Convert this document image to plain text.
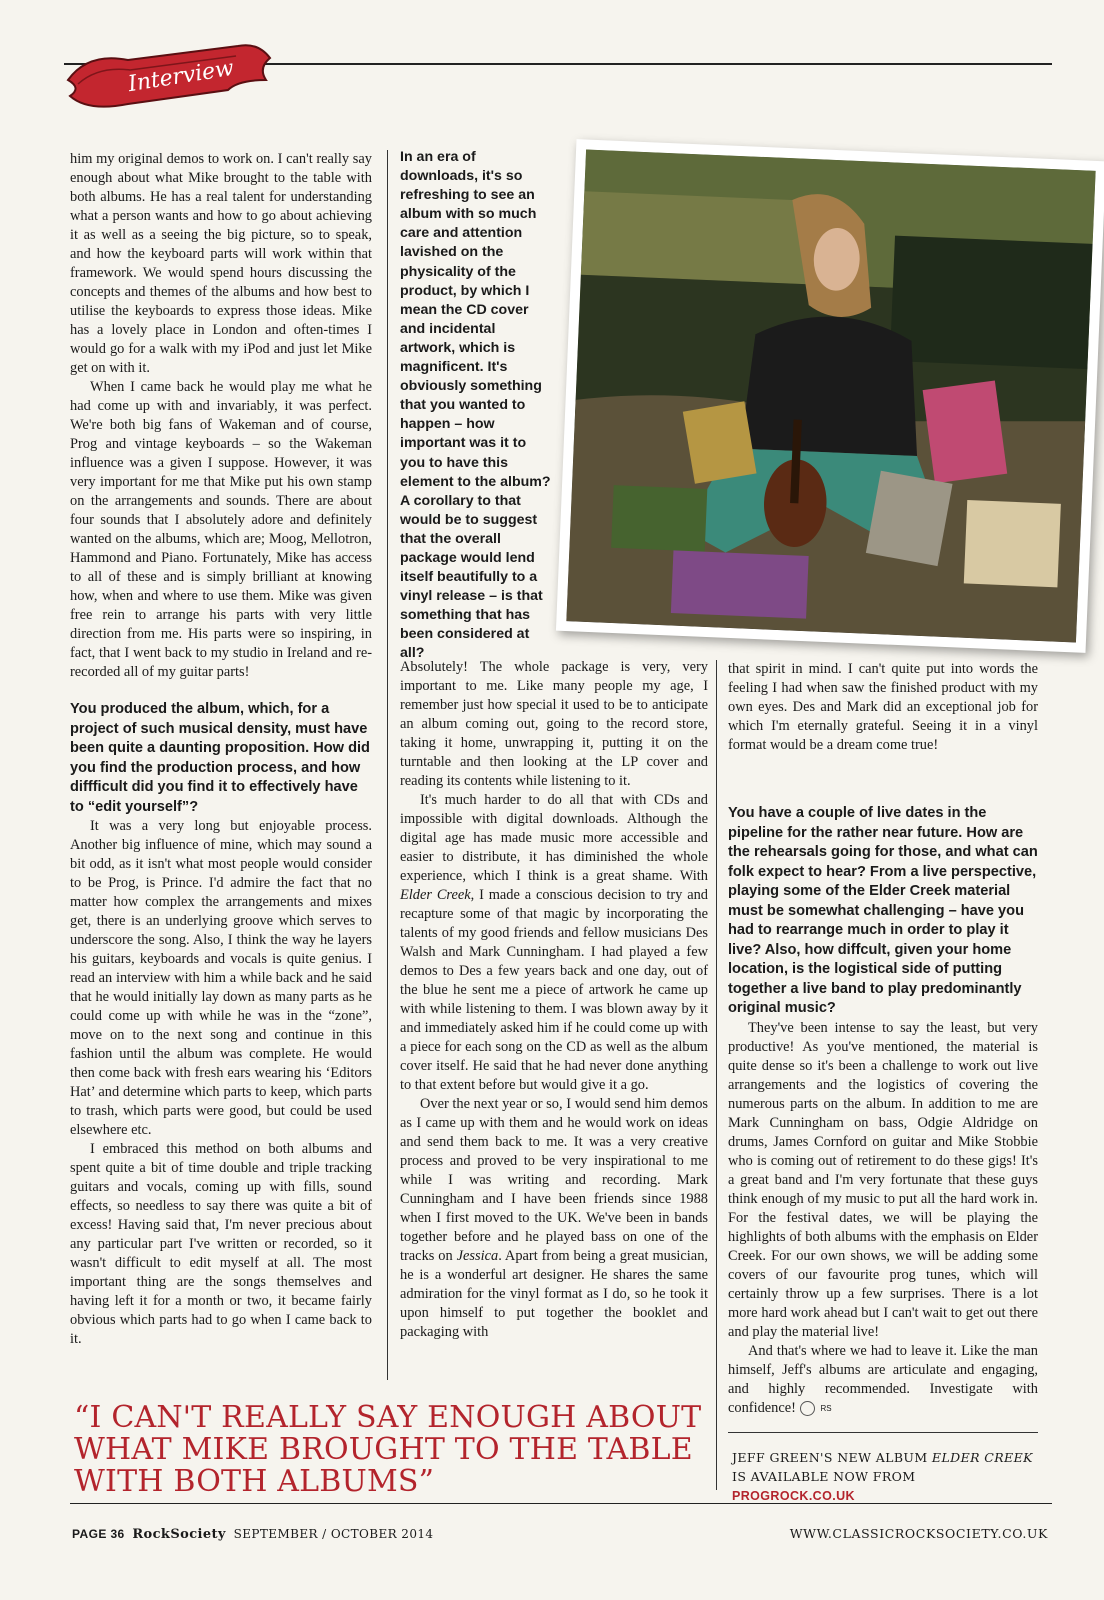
Interview

him my original demos to work on. I can't really say enough about what Mike brought to the table with both albums. He has a real talent for understanding what a person wants and how to go about achieving it as well as a seeing the big picture, so to speak, and how the keyboard parts will work within that framework. We would spend hours discussing the concepts and themes of the albums and how best to utilise the keyboards to express those ideas. Mike has a lovely place in London and often-times I would go for a walk with my iPod and just let Mike get on with it.

When I came back he would play me what he had come up with and invariably, it was perfect. We're both big fans of Wakeman and of course, Prog and vintage keyboards – so the Wakeman influence was a given I suppose. However, it was very important for me that Mike put his own stamp on the arrangements and sounds. There are about four sounds that I absolutely adore and definitely wanted on the albums, which are; Moog, Mellotron, Hammond and Piano. Fortunately, Mike has access to all of these and is simply brilliant at knowing how, when and where to use them. Mike was given free rein to arrange his parts with very little direction from me. His parts were so inspiring, in fact, that I went back to my studio in Ireland and re-recorded all of my guitar parts!

You produced the album, which, for a project of such musical density, must have been quite a daunting proposition. How did you find the production process, and how diffficult did you find it to effectively have to “edit yourself”?

It was a very long but enjoyable process. Another big influence of mine, which may sound a bit odd, as it isn't what most people would consider to be Prog, is Prince. I'd admire the fact that no matter how complex the arrangements and mixes get, there is an underlying groove which serves to underscore the song. Also, I think the way he layers his guitars, keyboards and vocals is quite genius. I read an interview with him a while back and he said that he would initially lay down as many parts as he could come up with while he was in the “zone”, move on to the next song and continue in this fashion until the album was complete. He would then come back with fresh ears wearing his ‘Editors Hat’ and determine which parts to keep, which parts to trash, which parts were good, but could be used elsewhere etc.

I embraced this method on both albums and spent quite a bit of time double and triple tracking guitars and vocals, coming up with fills, sound effects, so needless to say there was quite a bit of excess! Having said that, I'm never precious about any particular part I've written or recorded, so it wasn't difficult to edit myself at all. The most important thing are the songs themselves and having left it for a month or two, it became fairly obvious which parts had to go when I came back to it.

In an era of downloads, it's so refreshing to see an album with so much care and attention lavished on the physicality of the product, by which I mean the CD cover and incidental artwork, which is magnificent. It's obviously something that you wanted to happen – how important was it to you to have this element to the album? A corollary to that would be to suggest that the overall package would lend itself beautifully to a vinyl release – is that something that has been considered at all?

Absolutely! The whole package is very, very important to me. Like many people my age, I remember just how special it used to be to anticipate an album coming out, going to the record store, taking it home, unwrapping it, putting it on the turntable and then looking at the LP cover and reading its contents while listening to it.

It's much harder to do all that with CDs and impossible with digital downloads. Although the digital age has made music more accessible and easier to distribute, it has diminished the whole experience, which I think is a great shame. With Elder Creek, I made a conscious decision to try and recapture some of that magic by incorporating the talents of my good friends and fellow musicians Des Walsh and Mark Cunningham. I had played a few demos to Des a few years back and one day, out of the blue he sent me a piece of artwork he came up with while listening to them. I was blown away by it and immediately asked him if he could come up with a piece for each song on the CD as well as the album cover itself. He said that he had never done anything to that extent before but would give it a go.

Over the next year or so, I would send him demos as I came up with them and he would work on ideas and send them back to me. It was a very creative process and proved to be very inspirational to me while I was writing and recording. Mark Cunningham and I have been friends since 1988 when I first moved to the UK. We've been in bands together before and he played bass on one of the tracks on Jessica. Apart from being a great musician, he is a wonderful art designer. He shares the same admiration for the vinyl format as I do, so he took it upon himself to put together the booklet and packaging with

that spirit in mind. I can't quite put into words the feeling I had when saw the finished product with my own eyes. Des and Mark did an exceptional job for which I'm eternally grateful. Seeing it in a vinyl format would be a dream come true!

You have a couple of live dates in the pipeline for the rather near future. How are the rehearsals going for those, and what can folk expect to hear? From a live perspective, playing some of the Elder Creek material must be somewhat challenging – have you had to rearrange much in order to play it live? Also, how diffcult, given your home location, is the logistical side of putting together a live band to play predominantly original music?

They've been intense to say the least, but very productive! As you've mentioned, the material is quite dense so it's been a challenge to work out live arrangements and the logistics of covering the numerous parts on the album. In addition to me are Mark Cunningham on bass, Odgie Aldridge on drums, James Cornford on guitar and Mike Stobbie who is coming out of retirement to do these gigs! It's a great band and I'm very fortunate that these guys think enough of my music to put all the hard work in. For the festival dates, we will be playing the highlights of both albums with the emphasis on Elder Creek. For our own shows, we will be adding some covers of our favourite prog tunes, which will certainly throw up a few surprises. There is a lot more hard work ahead but I can't wait to get out there and play the material live!

And that's where we had to leave it. Like the man himself, Jeff's albums are articulate and engaging, and highly recommended. Investigate with confidence!	RS

“I CAN'T REALLY SAY ENOUGH ABOUT WHAT MIKE BROUGHT TO THE TABLE WITH BOTH ALBUMS”
JEFF GREEN'S NEW ALBUM ELDER CREEK IS AVAILABLE NOW FROM PROGROCK.CO.UK
PAGE 36 RockSociety SEPTEMBER / OCTOBER 2014	WWW.CLASSICROCKSOCIETY.CO.UK
